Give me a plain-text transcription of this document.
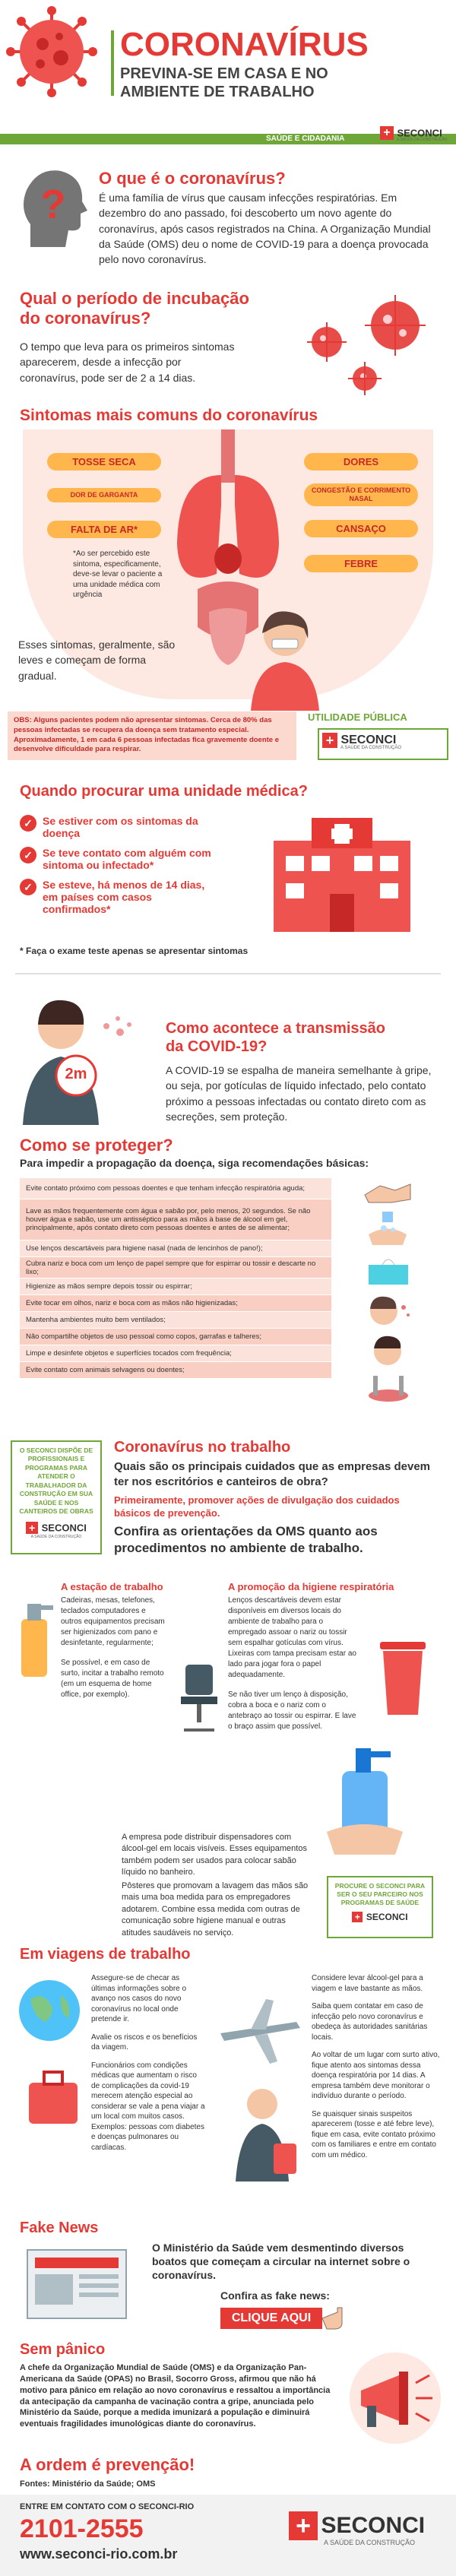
CORONAVÍRUS
PREVINA-SE EM CASA E NO
AMBIENTE DE TRABALHO
SAÚDE E CIDADANIA	+ SECONCI
A SAÚDE DA CONSTRUÇÃO
?
O que é o coronavírus?
É uma família de vírus que causam infecções respiratórias. Em dezembro do ano passado, foi descoberto um novo agente do coronavírus, após casos registrados na China. A Organização Mundial da Saúde (OMS) deu o nome de COVID-19 para a doença provocada pelo novo coronavírus.
Qual o período de incubação
do coronavírus?
O tempo que leva para os primeiros sintomas aparecerem, desde a infecção por coronavírus, pode ser de 2 a 14 dias.
Sintomas mais comuns do coronavírus
TOSSE SECA	DORES
DOR DE GARGANTA
CONGESTÃO E CORRIMENTO NASAL
FALTA DE AR*	CANSAÇO
FEBRE
*Ao ser percebido este sintoma, especificamente, deve-se levar o paciente a uma unidade médica com urgência
Esses sintomas, geralmente, são leves e começam de forma gradual.
OBS: Alguns pacientes podem não apresentar sintomas. Cerca de 80% das pessoas infectadas se recupera da doença sem tratamento especial. Aproximadamente, 1 em cada 6 pessoas infectadas fica gravemente doente e desenvolve dificuldade para respirar.
UTILIDADE PÚBLICA
+ SECONCI
A SAÚDE DA CONSTRUÇÃO
Quando procurar uma unidade médica?
✓ Se estiver com os sintomas da doença
✓ Se teve contato com alguém com sintoma ou infectado*
✓ Se esteve, há menos de 14 dias, em países com casos confirmados*
* Faça o exame teste apenas se apresentar sintomas
2m
Como acontece a transmissão
da COVID-19?
A COVID-19 se espalha de maneira semelhante à gripe, ou seja, por gotículas de líquido infectado, pelo contato próximo a pessoas infectadas ou contato direto com as secreções, sem proteção.
Como se proteger?
Para impedir a propagação da doença, siga recomendações básicas:
Evite contato próximo com pessoas doentes e que tenham infecção respiratória aguda;
Lave as mãos frequentemente com água e sabão por, pelo menos, 20 segundos. Se não houver água e sabão, use um antisséptico para as mãos à base de álcool em gel, principalmente, após contato direto com pessoas doentes e antes de se alimentar;
Use lenços descartáveis para higiene nasal (nada de lencinhos de pano!);
Cubra nariz e boca com um lenço de papel sempre que for espirrar ou tossir e descarte no lixo;
Higienize as mãos sempre depois tossir ou espirrar;
Evite tocar em olhos, nariz e boca com as mãos não higienizadas;
Mantenha ambientes muito bem ventilados;
Não compartilhe objetos de uso pessoal como copos, garrafas e talheres;
Limpe e desinfete objetos e superfícies tocados com frequência;
Evite contato com animais selvagens ou doentes;
O SECONCI DISPÕE DE PROFISSIONAIS E PROGRAMAS PARA ATENDER O TRABALHADOR DA CONSTRUÇÃO EM SUA SAÚDE E NOS CANTEIROS DE OBRAS
+ SECONCI
A SAÚDE DA CONSTRUÇÃO
Coronavírus no trabalho
Quais são os principais cuidados que as empresas devem ter nos escritórios e canteiros de obra?
Primeiramente, promover ações de divulgação dos cuidados básicos de prevenção.
Confira as orientações da OMS quanto aos procedimentos no ambiente de trabalho.
A estação de trabalho
Cadeiras, mesas, telefones, teclados computadores e outros equipamentos precisam ser higienizados com pano e desinfetante, regularmente;
Se possível, e em caso de surto, incitar a trabalho remoto (em um esquema de home office, por exemplo).
A promoção da higiene respiratória
Lenços descartáveis devem estar disponíveis em diversos locais do ambiente de trabalho para o empregado assoar o nariz ou tossir sem espalhar gotículas com vírus. Lixeiras com tampa precisam estar ao lado para jogar fora o papel adequadamente.
Se não tiver um lenço à disposição, cobra a boca e o nariz com o antebraço ao tossir ou espirrar. E lave o braço assim que possível.
A empresa pode distribuir dispensadores com álcool-gel em locais visíveis. Esses equipamentos também podem ser usados para colocar sabão líquido no banheiro.
Pôsteres que promovam a lavagem das mãos são mais uma boa medida para os empregadores adotarem. Combine essa medida com outras de comunicação sobre higiene manual e outras atitudes saudáveis no serviço.
PROCURE O SECONCI PARA SER O SEU PARCEIRO NOS PROGRAMAS DE SAÚDE
+ SECONCI
Em viagens de trabalho
Assegure-se de checar as últimas informações sobre o avanço nos casos do novo coronavírus no local onde pretende ir.
Avalie os riscos e os benefícios da viagem.
Funcionários com condições médicas que aumentam o risco de complicações da covid-19 merecem atenção especial ao considerar se vale a pena viajar a um local com muitos casos. Exemplos: pessoas com diabetes e doenças pulmonares ou cardíacas.
Considere levar álcool-gel para a viagem e lave bastante as mãos.
Saiba quem contatar em caso de infecção pelo novo coronavírus e obedeça às autoridades sanitárias locais.
Ao voltar de um lugar com surto ativo, fique atento aos sintomas dessa doença respiratória por 14 dias. A empresa também deve monitorar o indivíduo durante o período.
Se quaisquer sinais suspeitos aparecerem (tosse e até febre leve), fique em casa, evite contato próximo com os familiares e entre em contato com um médico.
Fake News
O Ministério da Saúde vem desmentindo diversos boatos que começam a circular na internet sobre o coronavírus.
Confira as fake news:
CLIQUE AQUI
Sem pânico
A chefe da Organização Mundial de Saúde (OMS) e da Organização Pan-Americana da Saúde (OPAS) no Brasil, Socorro Gross, afirmou que não há motivo para pânico em relação ao novo coronavírus e ressaltou a importância da antecipação da campanha de vacinação contra a gripe, anunciada pelo Ministério da Saúde, porque a medida imunizará a população e diminuirá eventuais fragilidades imunológicas diante do coronavírus.
A ordem é prevenção!
Fontes: Ministério da Saúde; OMS
ENTRE EM CONTATO COM O SECONCI-RIO
2101-2555
www.seconci-rio.com.br
+ SECONCI
A SAÚDE DA CONSTRUÇÃO
